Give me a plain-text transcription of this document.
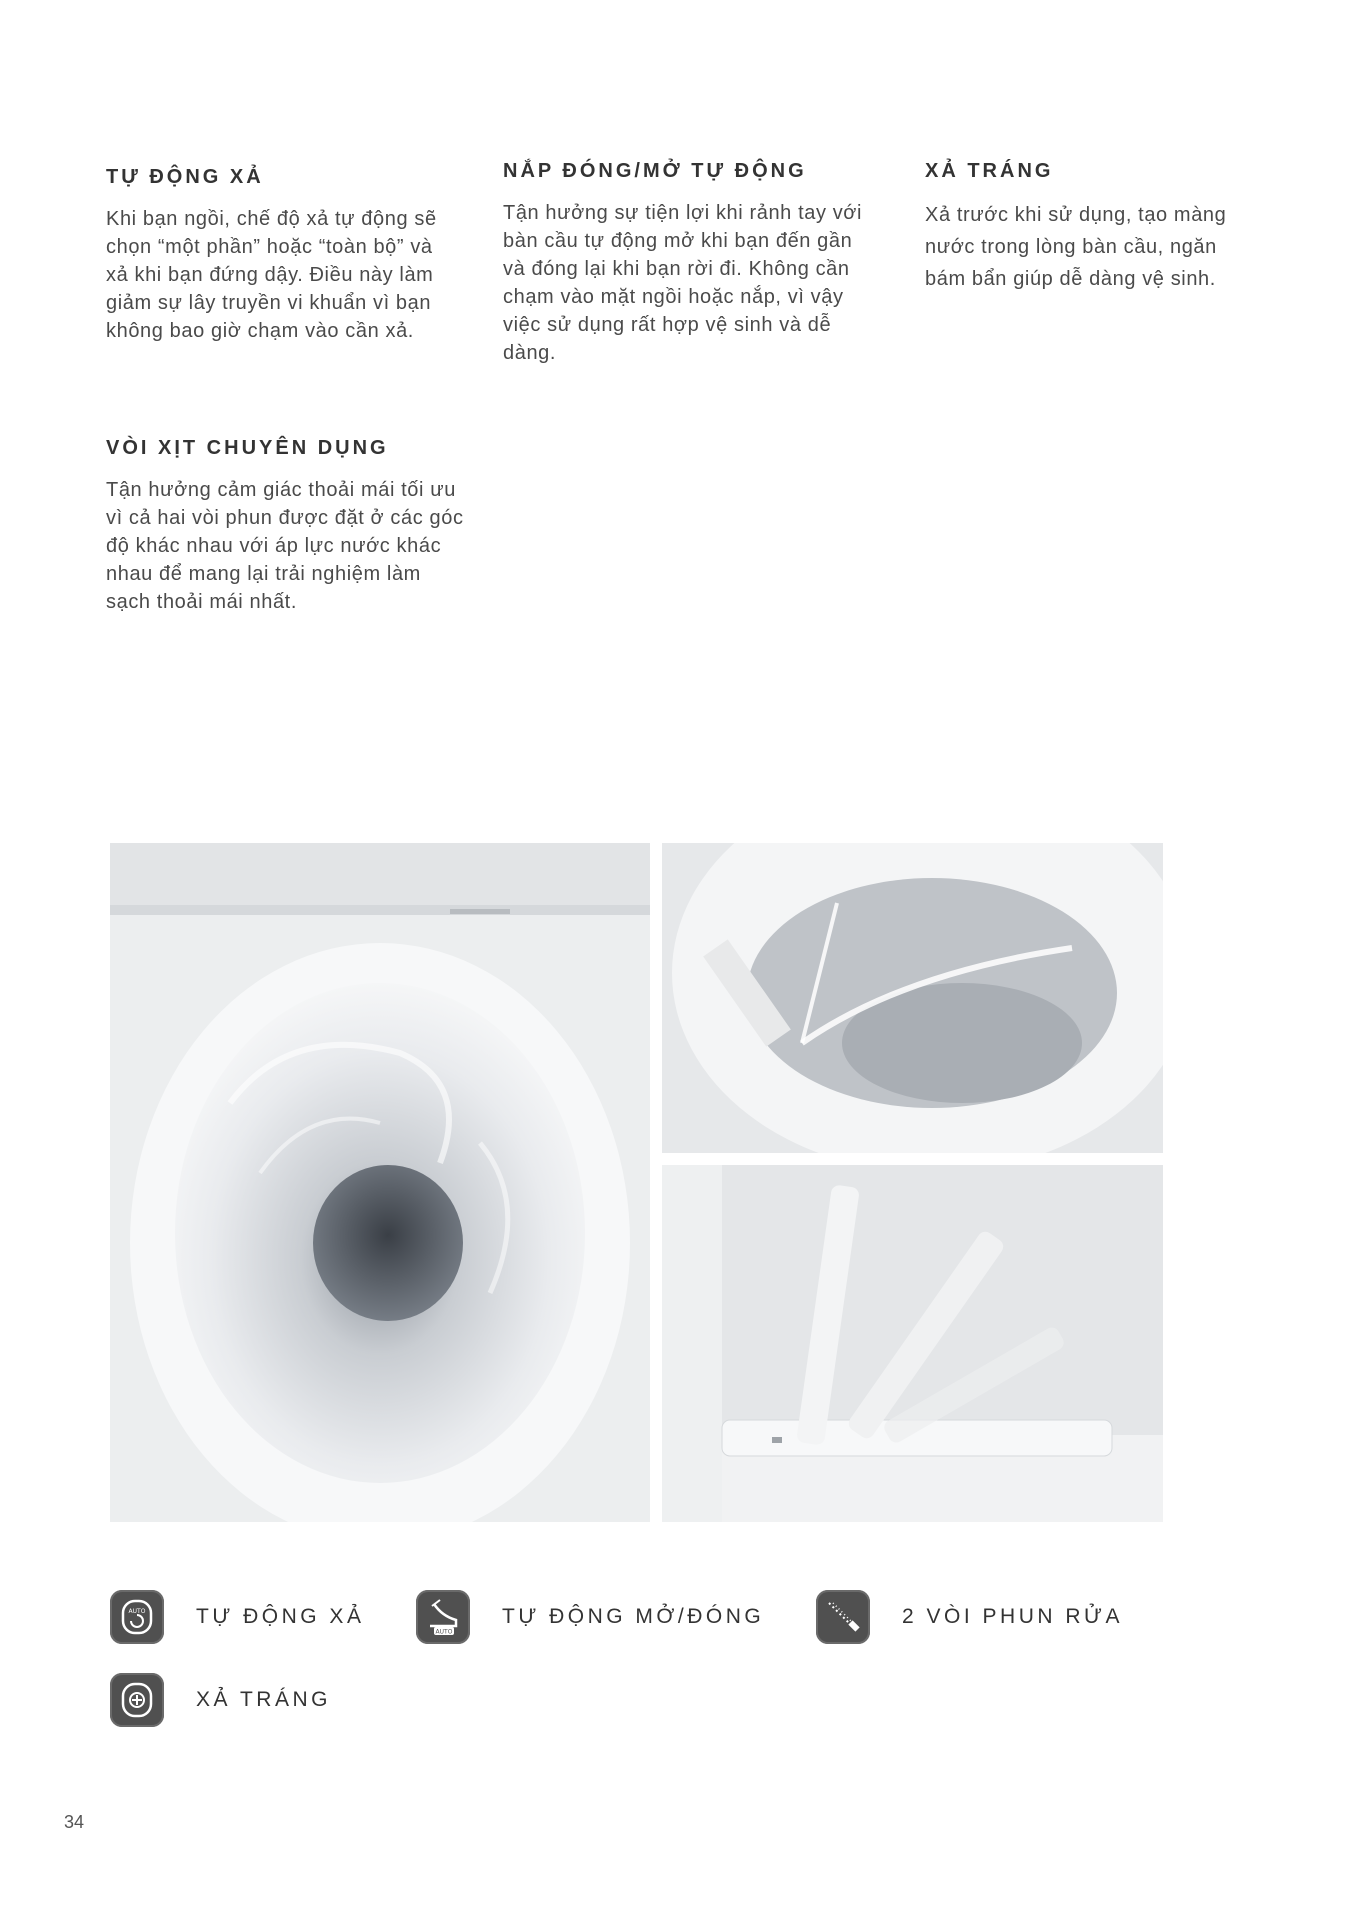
TỰ ĐỘNG XẢ

Khi bạn ngồi, chế độ xả tự động sẽ chọn “một phần” hoặc “toàn bộ” và xả khi bạn đứng dậy. Điều này làm giảm sự lây truyền vi khuẩn vì bạn không bao giờ chạm vào cần xả.

NẮP ĐÓNG/MỞ TỰ ĐỘNG

Tận hưởng sự tiện lợi khi rảnh tay với bàn cầu tự động mở khi bạn đến gần và đóng lại khi bạn rời đi. Không cần chạm vào mặt ngồi hoặc nắp, vì vậy việc sử dụng rất hợp vệ sinh và dễ dàng.

XẢ TRÁNG

Xả trước khi sử dụng, tạo màng nước trong lòng bàn cầu, ngăn bám bẩn giúp dễ dàng vệ sinh.

VÒI XỊT CHUYÊN DỤNG

Tận hưởng cảm giác thoải mái tối ưu vì cả hai vòi phun được đặt ở các góc độ khác nhau với áp lực nước khác nhau để mang lại trải nghiệm làm sạch thoải mái nhất.

AUTO TỰ ĐỘNG XẢ
AUTO
TỰ ĐỘNG MỞ/ĐÓNG	2 VÒI PHUN RỬA
XẢ TRÁNG
34
